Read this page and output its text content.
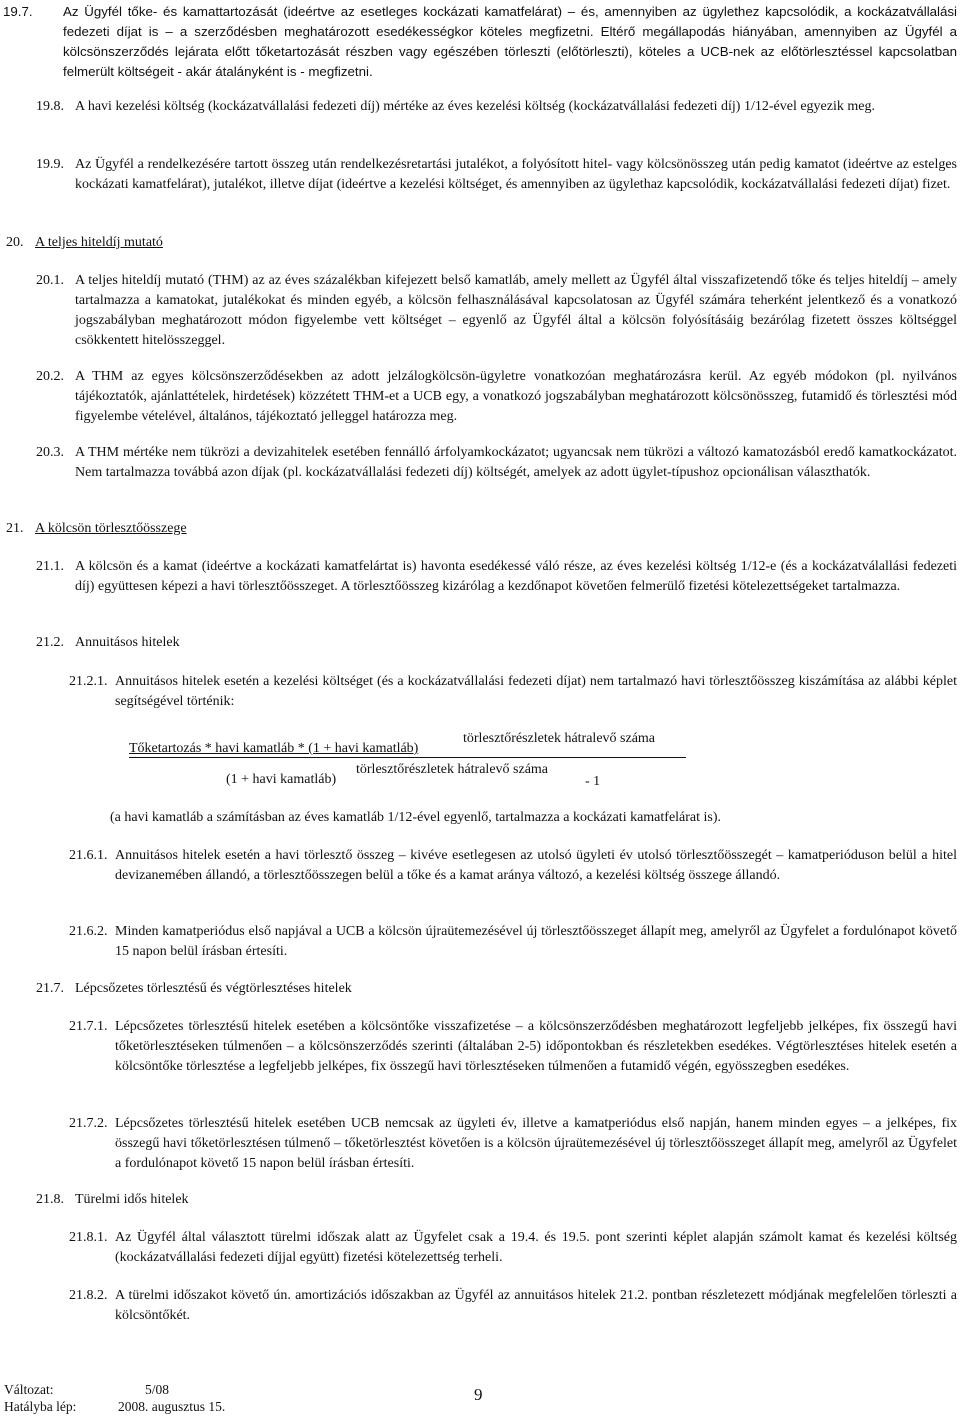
19.7. Az Ügyfél tőke- és kamattartozását (ideértve az esetleges kockázati kamatfelárat) – és, amennyiben az ügylethez kapcsolódik, a kockázatvállalási fedezeti díjat is – a szerződésben meghatározott esedékességkor köteles megfizetni. Eltérő megállapodás hiányában, amennyiben az Ügyfél a kölcsönszerződés lejárata előtt tőketartozását részben vagy egészében törleszti (előtörleszti), köteles a UCB-nek az előtörlesztéssel kapcsolatban felmerült költségeit - akár átalányként is - megfizetni.
19.8. A havi kezelési költség (kockázatvállalási fedezeti díj) mértéke az éves kezelési költség (kockázatvállalási fedezeti díj) 1/12-ével egyezik meg.
19.9. Az Ügyfél a rendelkezésére tartott összeg után rendelkezésretartási jutalékot, a folyósított hitel- vagy kölcsönösszeg után pedig kamatot (ideértve az estelges kockázati kamatfelárat), jutalékot, illetve díjat (ideértve a kezelési költséget, és amennyiben az ügylethaz kapcsolódik, kockázatvállalási fedezeti díjat) fizet.
20. A teljes hiteldíj mutató
20.1. A teljes hiteldíj mutató (THM) az az éves százalékban kifejezett belső kamatláb, amely mellett az Ügyfél által visszafizetendő tőke és teljes hiteldíj – amely tartalmazza a kamatokat, jutalékokat és minden egyéb, a kölcsön felhasználásával kapcsolatosan az Ügyfél számára teherként jelentkező és a vonatkozó jogszabályban meghatározott módon figyelembe vett költséget – egyenlő az Ügyfél által a kölcsön folyósításáig bezárólag fizetett összes költséggel csökkentett hitelösszeggel.
20.2. A THM az egyes kölcsönszerződésekben az adott jelzálogkölcsön-ügyletre vonatkozóan meghatározásra kerül. Az egyéb módokon (pl. nyilvános tájékoztatók, ajánlattételek, hirdetések) közzétett THM-et a UCB egy, a vonatkozó jogszabályban meghatározott kölcsönösszeg, futamidő és törlesztési mód figyelembe vételével, általános, tájékoztató jelleggel határozza meg.
20.3. A THM mértéke nem tükrözi a devizahitelek esetében fennálló árfolyamkockázatot; ugyancsak nem tükrözi a változó kamatozásból eredő kamatkockázatot. Nem tartalmazza továbbá azon díjak (pl. kockázatvállalási fedezeti díj) költségét, amelyek az adott ügylet-típushoz opcionálisan választhatók.
21. A kölcsön törlesztőösszege
21.1. A kölcsön és a kamat (ideértve a kockázati kamatfelártat is) havonta esedékessé váló része, az éves kezelési költség 1/12-e (és a kockázatválallási fedezeti díj) együttesen képezi a havi törlesztőösszeget. A törlesztőösszeg kizárólag a kezdőnapot követően felmerülő fizetési kötelezettségeket tartalmazza.
21.2. Annuitásos hitelek
21.2.1. Annuitásos hitelek esetén a kezelési költséget (és a kockázatvállalási fedezeti díjat) nem tartalmazó havi törlesztőösszeg kiszámítása az alábbi képlet segítségével történik:
törlesztőrészletek hátralevő száma
Tőketartozás * havi kamatláb * (1 + havi kamatláb)
törlesztőrészletek hátralevő száma
(1 + havi kamatláb)	- 1
(a havi kamatláb a számításban az éves kamatláb 1/12-ével egyenlő, tartalmazza a kockázati kamatfelárat is).
21.6.1. Annuitásos hitelek esetén a havi törlesztő összeg – kivéve esetlegesen az utolsó ügyleti év utolsó törlesztőösszegét – kamatperióduson belül a hitel devizanemében állandó, a törlesztőösszegen belül a tőke és a kamat aránya változó, a kezelési költség összege állandó.
21.6.2. Minden kamatperiódus első napjával a UCB a kölcsön újraütemezésével új törlesztőösszeget állapít meg, amelyről az Ügyfelet a fordulónapot követő 15 napon belül írásban értesíti.
21.7. Lépcsőzetes törlesztésű és végtörlesztéses hitelek
21.7.1. Lépcsőzetes törlesztésű hitelek esetében a kölcsöntőke visszafizetése – a kölcsönszerződésben meghatározott legfeljebb jelképes, fix összegű havi tőketörlesztéseken túlmenően – a kölcsönszerződés szerinti (általában 2-5) időpontokban és részletekben esedékes. Végtörlesztéses hitelek esetén a kölcsöntőke törlesztése a legfeljebb jelképes, fix összegű havi törlesztéseken túlmenően a futamidő végén, egyösszegben esedékes.
21.7.2. Lépcsőzetes törlesztésű hitelek esetében UCB nemcsak az ügyleti év, illetve a kamatperiódus első napján, hanem minden egyes – a jelképes, fix összegű havi tőketörlesztésen túlmenő – tőketörlesztést követően is a kölcsön újraütemezésével új törlesztőösszeget állapít meg, amelyről az Ügyfelet a fordulónapot követő 15 napon belül írásban értesíti.
21.8. Türelmi idős hitelek
21.8.1. Az Ügyfél által választott türelmi időszak alatt az Ügyfelet csak a 19.4. és 19.5. pont szerinti képlet alapján számolt kamat és kezelési költség (kockázatvállalási fedezeti díjjal együtt) fizetési kötelezettség terheli.
21.8.2. A türelmi időszakot követő ún. amortizációs időszakban az Ügyfél az annuitásos hitelek 21.2. pontban részletezett módjának megfelelően törleszti a kölcsöntőkét.
Változat:	5/08
Hatályba lép:	2008. augusztus 15.
9
